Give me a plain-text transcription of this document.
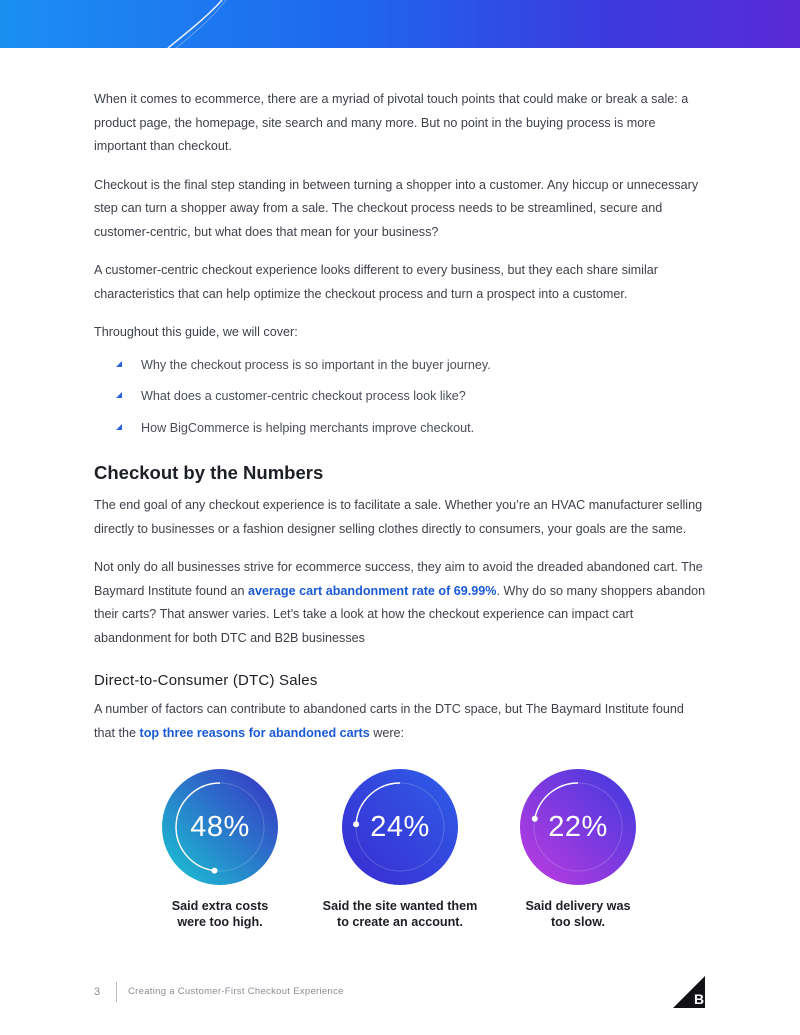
When it comes to ecommerce, there are a myriad of pivotal touch points that could make or break a sale: a product page, the homepage, site search and many more. But no point in the buying process is more important than checkout.

Checkout is the final step standing in between turning a shopper into a customer. Any hiccup or unnecessary step can turn a shopper away from a sale. The checkout process needs to be streamlined, secure and customer-centric, but what does that mean for your business?

A customer-centric checkout experience looks different to every business, but they each share similar characteristics that can help optimize the checkout process and turn a prospect into a customer.

Throughout this guide, we will cover:

Why the checkout process is so important in the buyer journey.
What does a customer-centric checkout process look like?
How BigCommerce is helping merchants improve checkout.
Checkout by the Numbers

The end goal of any checkout experience is to facilitate a sale. Whether you’re an HVAC manufacturer selling directly to businesses or a fashion designer selling clothes directly to consumers, your goals are the same.

Not only do all businesses strive for ecommerce success, they aim to avoid the dreaded abandoned cart. The Baymard Institute found an average cart abandonment rate of 69.99%. Why do so many shoppers abandon their carts? That answer varies. Let’s take a look at how the checkout experience can impact cart abandonment for both DTC and B2B businesses

Direct-to-Consumer (DTC) Sales

A number of factors can contribute to abandoned carts in the DTC space, but The Baymard Institute found that the top three reasons for abandoned carts were:

48%
Said extra costs
were too high.
24%
Said the site wanted them
to create an account.
22%
Said delivery was
too slow.
3	Creating a Customer-First Checkout Experience	B
